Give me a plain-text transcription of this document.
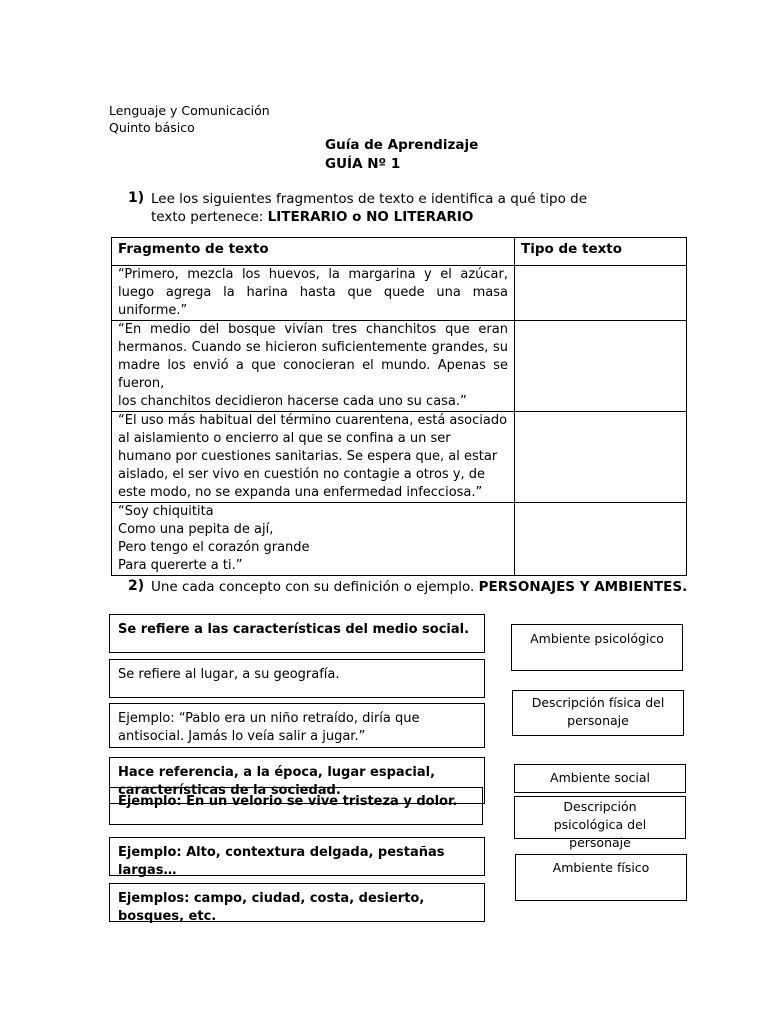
Lenguaje y Comunicación
Quinto básico
Guía de Aprendizaje
GUÍA Nº 1
1) Lee los siguientes fragmentos de texto e identifica a qué tipo de texto pertenece: LITERARIO o NO LITERARIO
Fragmento de texto	Tipo de texto
“Primero, mezcla los huevos, la margarina y el azúcar, luego agrega la harina hasta que quede una masa uniforme.”	

“En medio del bosque vivían tres chanchitos que eran hermanos. Cuando se hicieron suficientemente grandes, su madre los envió a que conocieran el mundo. Apenas se fueron,
los chanchitos decidieron hacerse cada uno su casa.”	

“El uso más habitual del término cuarentena, está asociado al aislamiento o encierro al que se confina a un ser humano por cuestiones sanitarias. Se espera que, al estar aislado, el ser vivo en cuestión no contagie a otros y, de este modo, no se expanda una enfermedad infecciosa.”	

“Soy chiquitita
Como una pepita de ají,
Pero tengo el corazón grande
Para quererte a ti.”	

2) Une cada concepto con su definición o ejemplo. PERSONAJES Y AMBIENTES.
Se refiere a las características del medio social.
Se refiere al lugar, a su geografía.
Ejemplo: “Pablo era un niño retraído, diría que antisocial. Jamás lo veía salir a jugar.”
Hace referencia, a la época, lugar espacial, características de la sociedad.
Ejemplo: En un velorio se vive tristeza y dolor.
Ejemplo: Alto, contextura delgada, pestañas largas…
Ejemplos: campo, ciudad, costa, desierto, bosques, etc.
Ambiente psicológico
Descripción física del personaje
Ambiente social
Descripción psicológica del personaje
Ambiente físico
